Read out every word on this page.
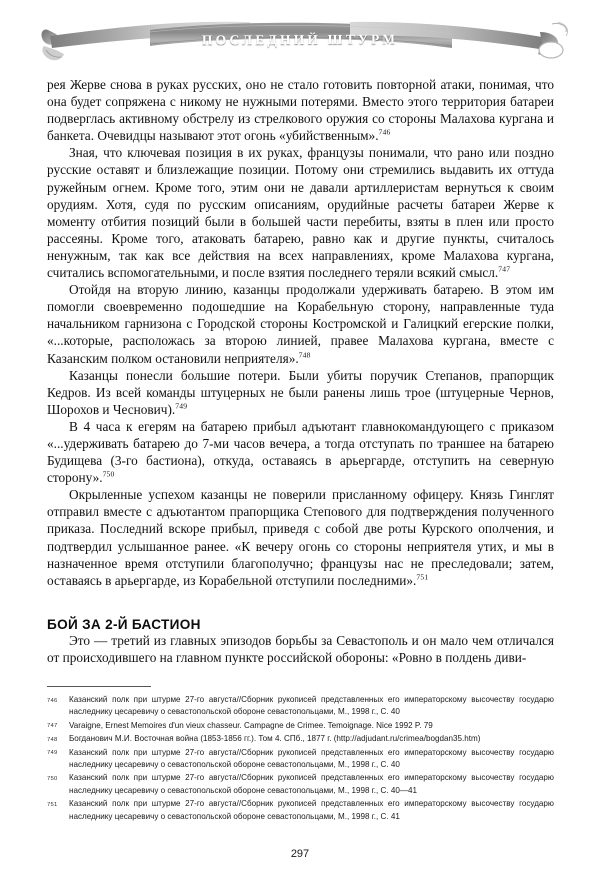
ПОСЛЕДНИЙ ШТУРМ

рея Жерве снова в руках русских, оно не стало готовить повторной атаки, понимая, что она будет сопряжена с никому не нужными потерями. Вместо этого территория батареи подверглась активному обстрелу из стрелкового оружия со стороны Малахова кургана и банкета. Очевидцы называют этот огонь «убийственным».$^{746}$

Зная, что ключевая позиция в их руках, французы понимали, что рано или поздно русские оставят и близлежащие позиции. Потому они стремились выдавить их оттуда ружейным огнем. Кроме того, этим они не давали артиллеристам вернуться к своим орудиям. Хотя, судя по русским описаниям, орудийные расчеты батареи Жерве к моменту отбития позиций были в большей части перебиты, взяты в плен или просто рассеяны. Кроме того, атаковать батарею, равно как и другие пункты, считалось ненужным, так как все действия на всех направлениях, кроме Малахова кургана, считались вспомогательными, и после взятия последнего теряли всякий смысл.$^{747}$

Отойдя на вторую линию, казанцы продолжали удерживать батарею. В этом им помогли своевременно подошедшие на Корабельную сторону, направленные туда начальником гарнизона с Городской стороны Костромской и Галицкий егерские полки, «...которые, расположась за второю линией, правее Малахова кургана, вместе с Казанским полком остановили неприятеля».$^{748}$

Казанцы понесли большие потери. Были убиты поручик Степанов, прапорщик Кедров. Из всей команды штуцерных не были ранены лишь трое (штуцерные Чернов, Шорохов и Чеснович).$^{749}$

В 4 часа к егерям на батарею прибыл адъютант главнокомандующего с приказом «...удерживать батарею до 7-ми часов вечера, а тогда отступать по траншее на батарею Будищева (3-го бастиона), откуда, оставаясь в арьергарде, отступить на северную сторону».$^{750}$

Окрыленные успехом казанцы не поверили присланному офицеру. Князь Гинглят отправил вместе с адъютантом прапорщика Степового для подтверждения полученного приказа. Последний вскоре прибыл, приведя с собой две роты Курского ополчения, и подтвердил услышанное ранее. «К вечеру огонь со стороны неприятеля утих, и мы в назначенное время отступили благополучно; французы нас не преследовали; затем, оставаясь в арьергарде, из Корабельной отступили последними».$^{751}$

БОЙ ЗА 2-Й БАСТИОН

Это — третий из главных эпизодов борьбы за Севастополь и он мало чем отличался от происходившего на главном пункте российской обороны: «Ровно в полдень диви-

746	Казанский полк при штурме 27-го августа//Сборник рукописей представленных его императорскому высочеству государю наследнику цесаревичу о севастопольской обороне севастопольцами, М., 1998 г., С. 40
747	Varaigne, Ernest Memoires d'un vieux chasseur. Campagne de Crimee. Temoignage. Nice 1992 P. 79
748	Богданович М.И. Восточная война (1853-1856 гг.). Том 4. СПб., 1877 г. (http://adjudant.ru/crimea/bogdan35.htm)
749	Казанский полк при штурме 27-го августа//Сборник рукописей представленных его императорскому высочеству государю наследнику цесаревичу о севастопольской обороне севастопольцами, М., 1998 г., С. 40
750	Казанский полк при штурме 27-го августа//Сборник рукописей представленных его императорскому высочеству государю наследнику цесаревичу о севастопольской обороне севастопольцами, М., 1998 г., С. 40—41
751	Казанский полк при штурме 27-го августа//Сборник рукописей представленных его императорскому высочеству государю наследнику цесаревичу о севастопольской обороне севастопольцами, М., 1998 г., С. 41
297
